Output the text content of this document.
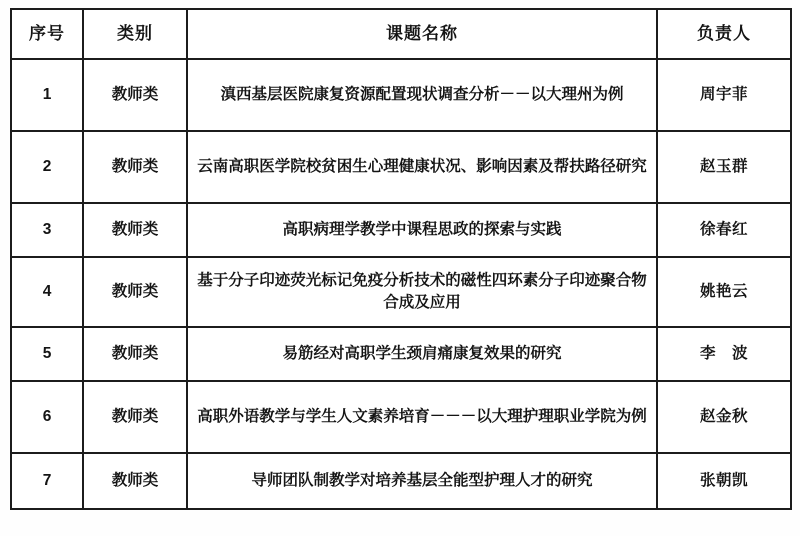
序号	类别	课题名称	负责人
1	教师类	滇西基层医院康复资源配置现状调查分析－－以大理州为例	周宇菲
2	教师类	云南高职医学院校贫困生心理健康状况、影响因素及帮扶路径研究	赵玉群
3	教师类	高职病理学教学中课程思政的探索与实践	徐春红
4	教师类	基于分子印迹荧光标记免疫分析技术的磁性四环素分子印迹聚合物合成及应用	姚艳云
5	教师类	易筋经对高职学生颈肩痛康复效果的研究	李　波
6	教师类	高职外语教学与学生人文素养培育－－－以大理护理职业学院为例	赵金秋
7	教师类	导师团队制教学对培养基层全能型护理人才的研究	张朝凯
